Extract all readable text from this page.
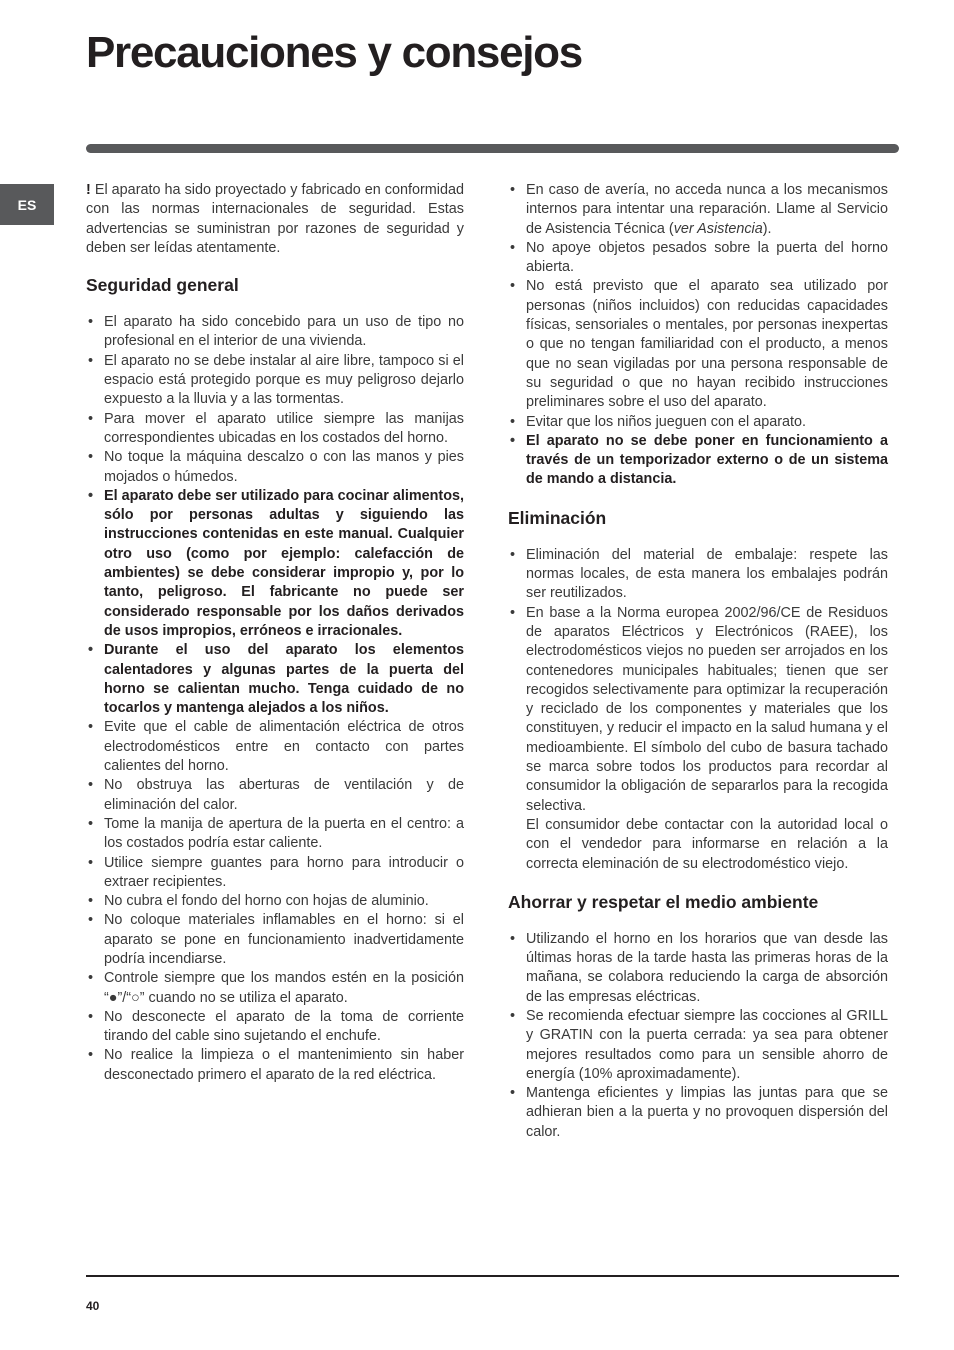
Precauciones y consejos
ES

! El aparato ha sido proyectado y fabricado en conformidad con las normas internacionales de seguridad. Estas advertencias se suministran por razones de seguridad y deben ser leídas atentamente.

Seguridad general
• El aparato ha sido concebido para un uso de tipo no profesional en el interior de una vivienda.
• El aparato no se debe instalar al aire libre, tampoco si el espacio está protegido porque es muy peligroso dejarlo expuesto a la lluvia y a las tormentas.
• Para mover el aparato utilice siempre las manijas correspondientes ubicadas en los costados del horno.
• No toque la máquina descalzo o con las manos y pies mojados o húmedos.
• El aparato debe ser utilizado para cocinar alimentos, sólo por personas adultas y siguiendo las instrucciones contenidas en este manual. Cualquier otro uso (como por ejemplo: calefacción de ambientes) se debe considerar impropio y, por lo tanto, peligroso. El fabricante no puede ser considerado responsable por los daños derivados de usos impropios, erróneos e irracionales.
• Durante el uso del aparato los elementos calentadores y algunas partes de la puerta del horno se calientan mucho. Tenga cuidado de no tocarlos y mantenga alejados a los niños.
• Evite que el cable de alimentación eléctrica de otros electrodomésticos entre en contacto con partes calientes del horno.
• No obstruya las aberturas de ventilación y de eliminación del calor.
• Tome la manija de apertura de la puerta en el centro: a los costados podría estar caliente.
• Utilice siempre guantes para horno para introducir o extraer recipientes.
• No cubra el fondo del horno con hojas de aluminio.
• No coloque materiales inflamables en el horno: si el aparato se pone en funcionamiento inadvertidamente podría incendiarse.
• Controle siempre que los mandos estén en la posición “●”/“○” cuando no se utiliza el aparato.
• No desconecte el aparato de la toma de corriente tirando del cable sino sujetando el enchufe.
• No realice la limpieza o el mantenimiento sin haber desconectado primero el aparato de la red eléctrica.
• En caso de avería, no acceda nunca a los mecanismos internos para intentar una reparación. Llame al Servicio de Asistencia Técnica (ver Asistencia).
• No apoye objetos pesados sobre la puerta del horno abierta.
• No está previsto que el aparato sea utilizado por personas (niños incluidos) con reducidas capacidades físicas, sensoriales o mentales, por personas inexpertas o que no tengan familiaridad con el producto, a menos que no sean vigiladas por una persona responsable de su seguridad o que no hayan recibido instrucciones preliminares sobre el uso del aparato.
• Evitar que los niños jueguen con el aparato.
• El aparato no se debe poner en funcionamiento a través de un temporizador externo o de un sistema de mando a distancia.
Eliminación
• Eliminación del material de embalaje: respete las normas locales, de esta manera los embalajes podrán ser reutilizados.
• En base a la Norma europea 2002/96/CE de Residuos de aparatos Eléctricos y Electrónicos (RAEE), los electrodomésticos viejos no pueden ser arrojados en los contenedores municipales habituales; tienen que ser recogidos selectivamente para optimizar la recuperación y reciclado de los componentes y materiales que los constituyen, y reducir el impacto en la salud humana y el medioambiente. El símbolo del cubo de basura tachado se marca sobre todos los productos para recordar al consumidor la obligación de separarlos para la recogida selectiva.
El consumidor debe contactar con la autoridad local o con el vendedor para informarse en relación a la correcta eleminación de su electrodoméstico viejo.
Ahorrar y respetar el medio ambiente
• Utilizando el horno en los horarios que van desde las últimas horas de la tarde hasta las primeras horas de la mañana, se colabora reduciendo la carga de absorción de las empresas eléctricas.
• Se recomienda efectuar siempre las cocciones al GRILL y GRATIN con la puerta cerrada: ya sea para obtener mejores resultados como para un sensible ahorro de energía (10% aproximadamente).
• Mantenga eficientes y limpias las juntas para que se adhieran bien a la puerta y no provoquen dispersión del calor.
40
